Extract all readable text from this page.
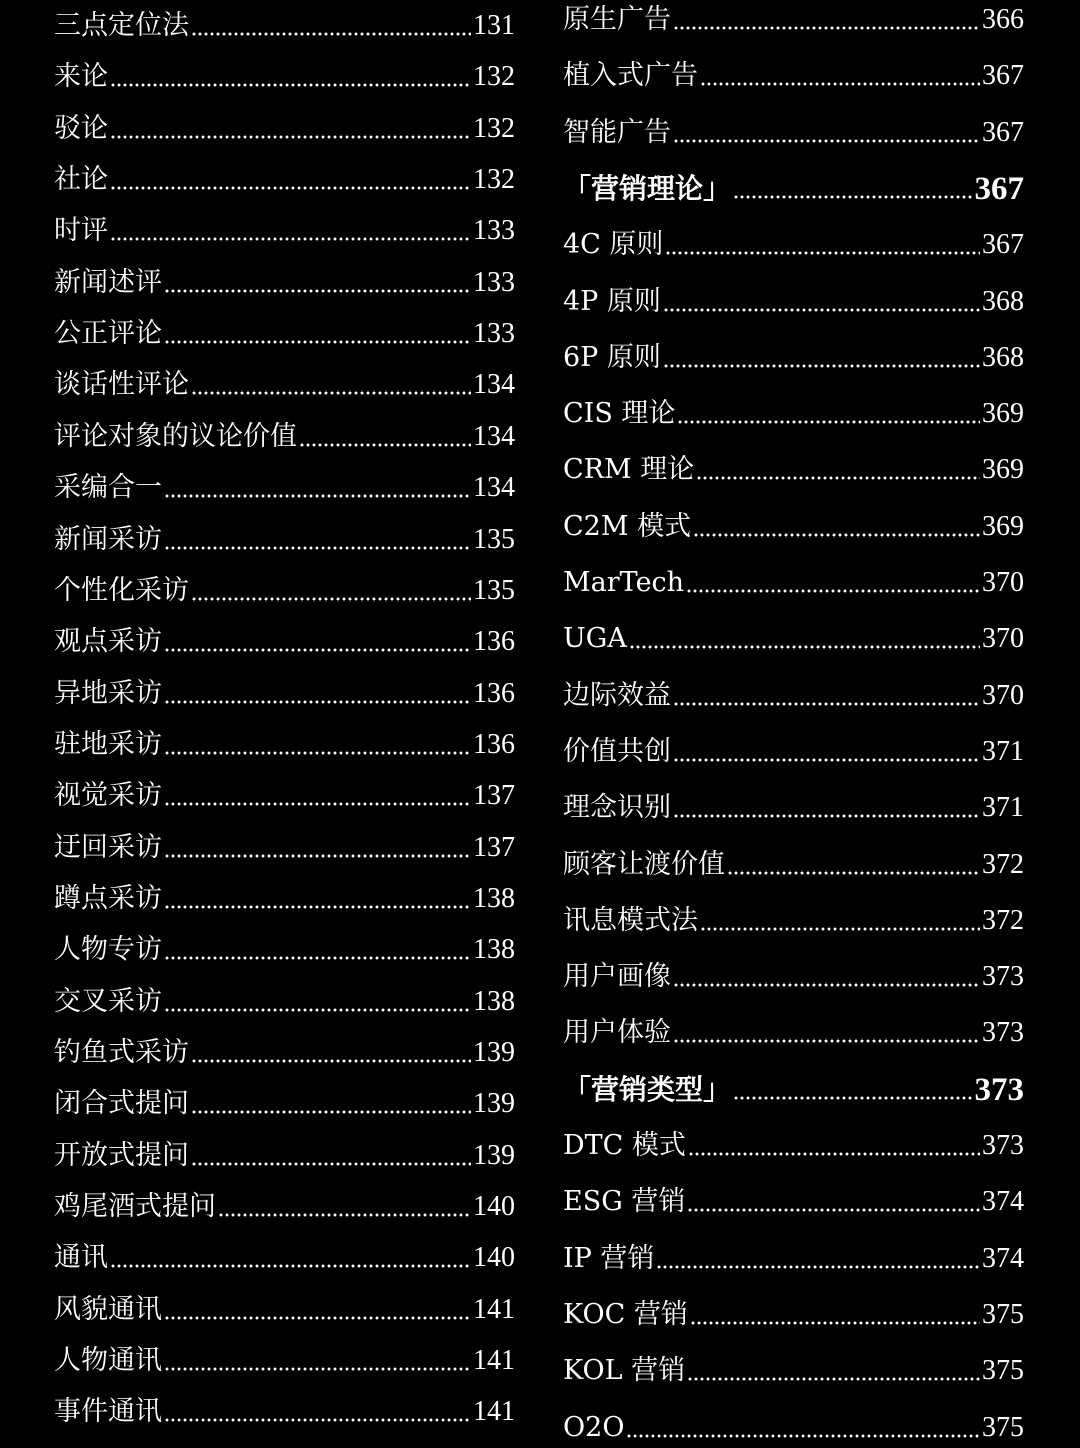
三点定位法	131
来论	132
驳论	132
社论	132
时评	133
新闻述评	133
公正评论	133
谈话性评论	134
评论对象的议论价值	134
采编合一	134
新闻采访	135
个性化采访	135
观点采访	136
异地采访	136
驻地采访	136
视觉采访	137
迂回采访	137
蹲点采访	138
人物专访	138
交叉采访	138
钓鱼式采访	139
闭合式提问	139
开放式提问	139
鸡尾酒式提问	140
通讯	140
风貌通讯	141
人物通讯	141
事件通讯	141
原生广告	366
植入式广告	367
智能广告	367
「营销理论」	367
4C 原则	367
4P 原则	368
6P 原则	368
CIS 理论	369
CRM 理论	369
C2M 模式	369
MarTech	370
UGA	370
边际效益	370
价值共创	371
理念识别	371
顾客让渡价值	372
讯息模式法	372
用户画像	373
用户体验	373
「营销类型」	373
DTC 模式	373
ESG 营销	374
IP 营销	374
KOC 营销	375
KOL 营销	375
O2O	375
